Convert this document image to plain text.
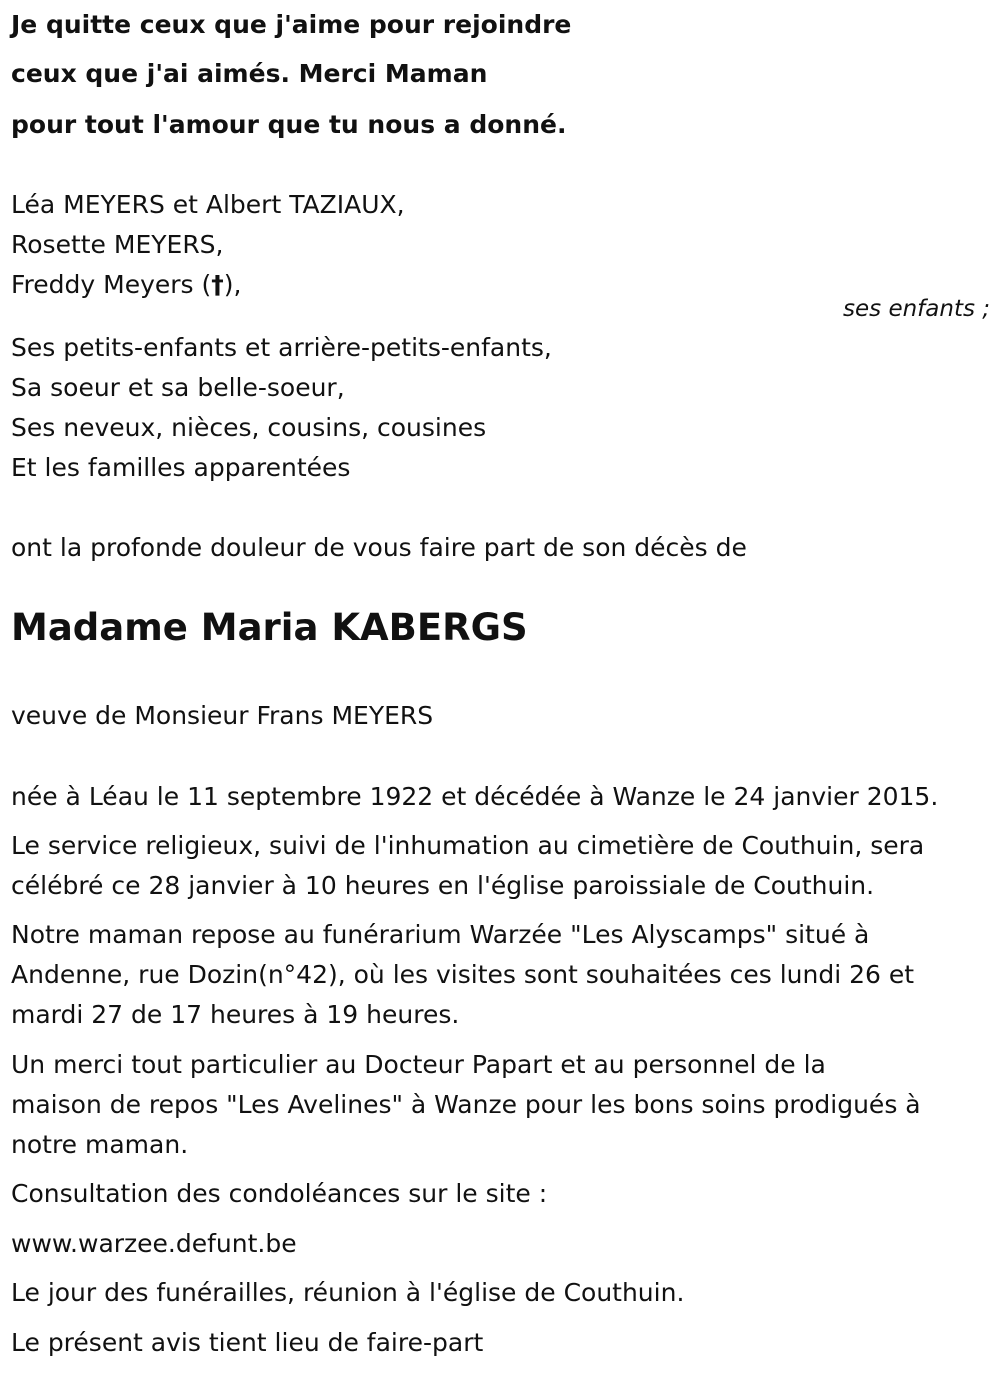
Je quitte ceux que j'aime pour rejoindre

ceux que j'ai aimés. Merci Maman

pour tout l'amour que tu nous a donné.

Léa MEYERS et Albert TAZIAUX,

Rosette MEYERS,

Freddy Meyers (†),

ses enfants ;

Ses petits-enfants et arrière-petits-enfants,

Sa soeur et sa belle-soeur,

Ses neveux, nièces, cousins, cousines

Et les familles apparentées

ont la profonde douleur de vous faire part de son décès de

Madame Maria KABERGS

veuve de Monsieur Frans MEYERS

née à Léau le 11 septembre 1922 et décédée à Wanze le 24 janvier 2015.

Le service religieux, suivi de l'inhumation au cimetière de Couthuin, sera

célébré ce 28 janvier à 10 heures en l'église paroissiale de Couthuin.

Notre maman repose au funérarium Warzée "Les Alyscamps" situé à

Andenne, rue Dozin(n°42), où les visites sont souhaitées ces lundi 26 et

mardi 27 de 17 heures à 19 heures.

Un merci tout particulier au Docteur Papart et au personnel de la

maison de repos "Les Avelines" à Wanze pour les bons soins prodigués à

notre maman.

Consultation des condoléances sur le site :

www.warzee.defunt.be

Le jour des funérailles, réunion à l'église de Couthuin.

Le présent avis tient lieu de faire-part
